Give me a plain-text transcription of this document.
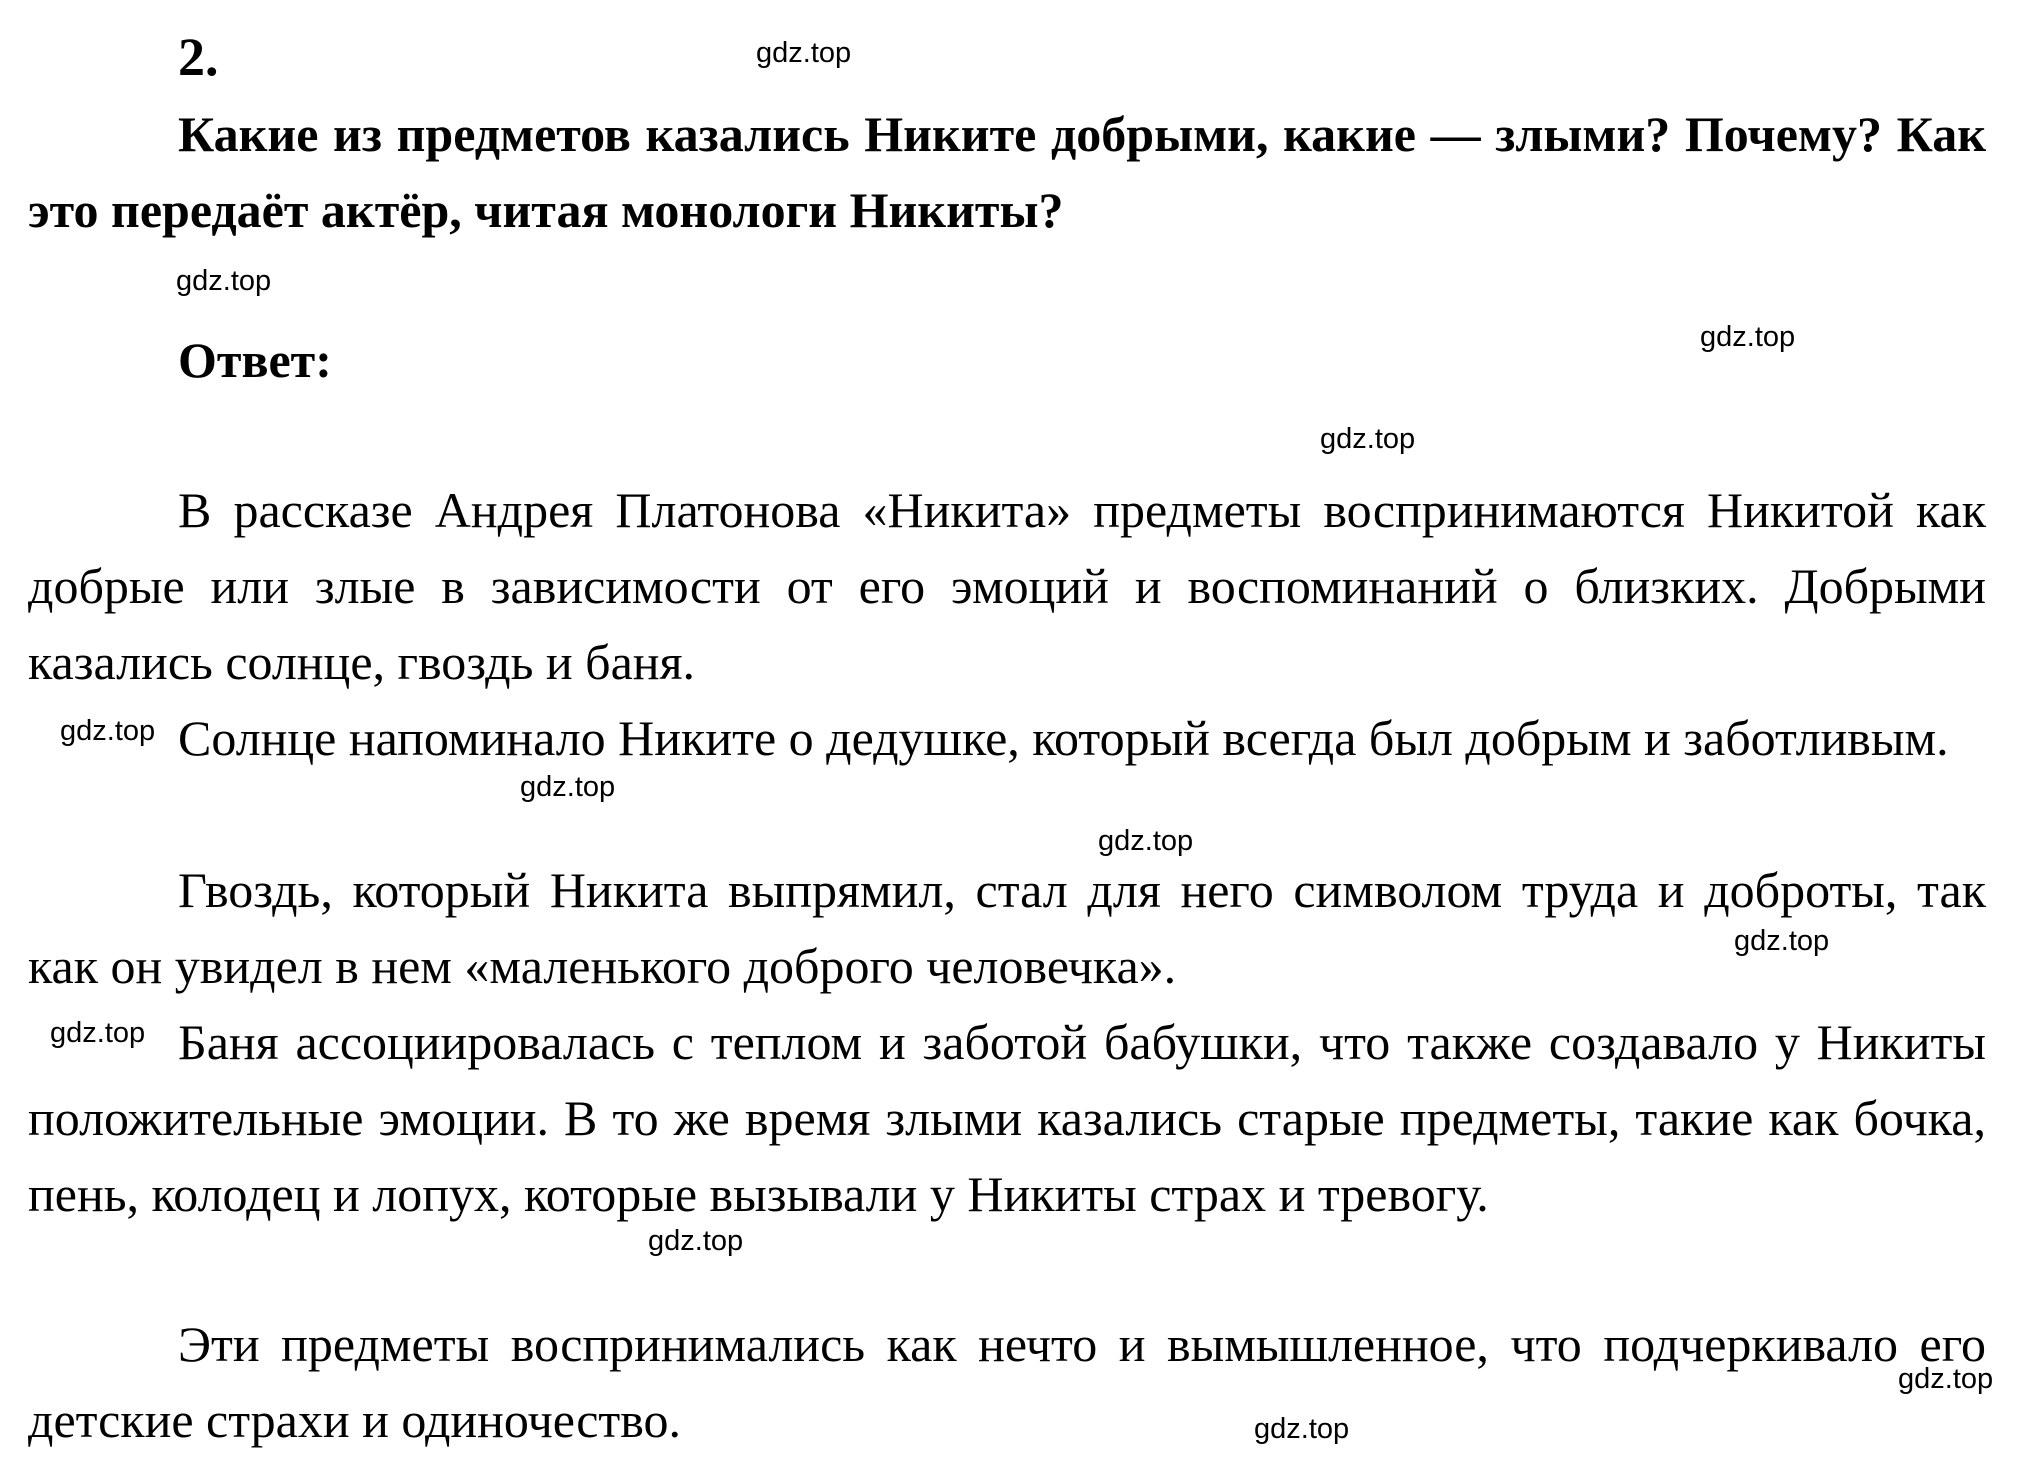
2.
Какие из предметов казались Никите добрыми, какие — злыми? Почему? Как это передаёт актёр, читая монологи Никиты?
Ответ:
В рассказе Андрея Платонова «Никита» предметы воспринимаются Никитой как добрые или злые в зависимости от его эмоций и воспоминаний о близких. Добрыми казались солнце, гвоздь и баня.
Солнце напоминало Никите о дедушке, который всегда был добрым и заботливым.
Гвоздь, который Никита выпрямил, стал для него символом труда и доброты, так как он увидел в нем «маленького доброго человечка».
Баня ассоциировалась с теплом и заботой бабушки, что также создавало у Никиты положительные эмоции. В то же время злыми казались старые предметы, такие как бочка, пень, колодец и лопух, которые вызывали у Никиты страх и тревогу.
Эти предметы воспринимались как нечто и вымышленное, что подчеркивало его детские страхи и одиночество.
gdz.top
gdz.top
gdz.top
gdz.top
gdz.top
gdz.top
gdz.top
gdz.top
gdz.top
gdz.top
gdz.top
gdz.top
